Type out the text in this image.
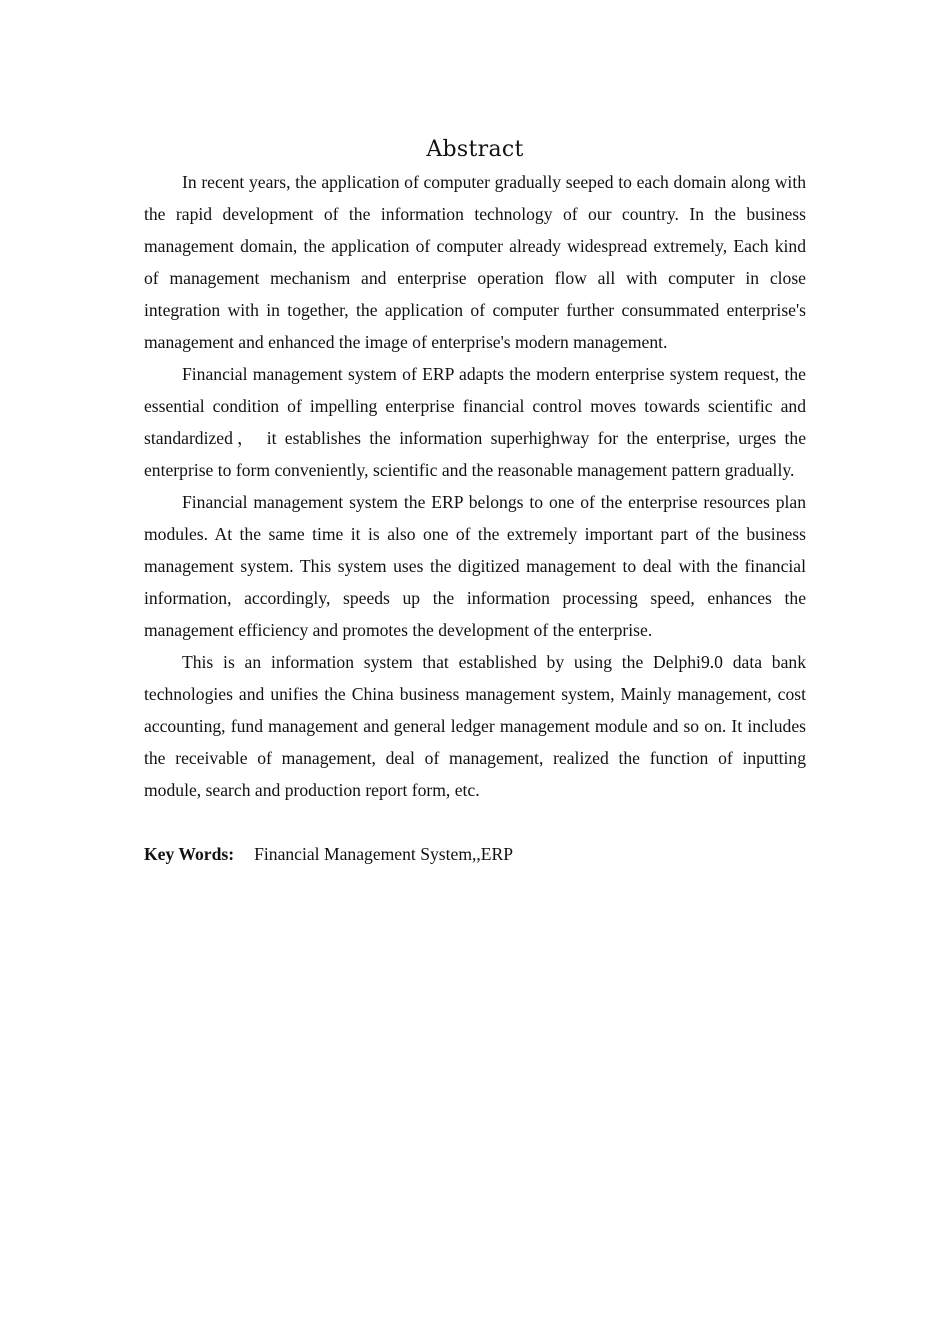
Abstract

In recent years, the application of computer gradually seeped to each domain along with the rapid development of the information technology of our country. In the business management domain, the application of computer already widespread extremely, Each kind of management mechanism and enterprise operation flow all with computer in close integration with in together, the application of computer further consummated enterprise's management and enhanced the image of enterprise's modern management.

Financial management system of ERP adapts the modern enterprise system request, the essential condition of impelling enterprise financial control moves towards scientific and standardized， it establishes the information superhighway for the enterprise, urges the enterprise to form conveniently, scientific and the reasonable management pattern gradually.

Financial management system the ERP belongs to one of the enterprise resources plan modules. At the same time it is also one of the extremely important part of the business management system. This system uses the digitized management to deal with the financial information, accordingly, speeds up the information processing speed, enhances the management efficiency and promotes the development of the enterprise.

This is an information system that established by using the Delphi9.0 data bank technologies and unifies the China business management system, Mainly management, cost accounting, fund management and general ledger management module and so on. It includes the receivable of management, deal of management, realized the function of inputting module, search and production report form, etc.

Key Words: Financial Management System,,ERP
